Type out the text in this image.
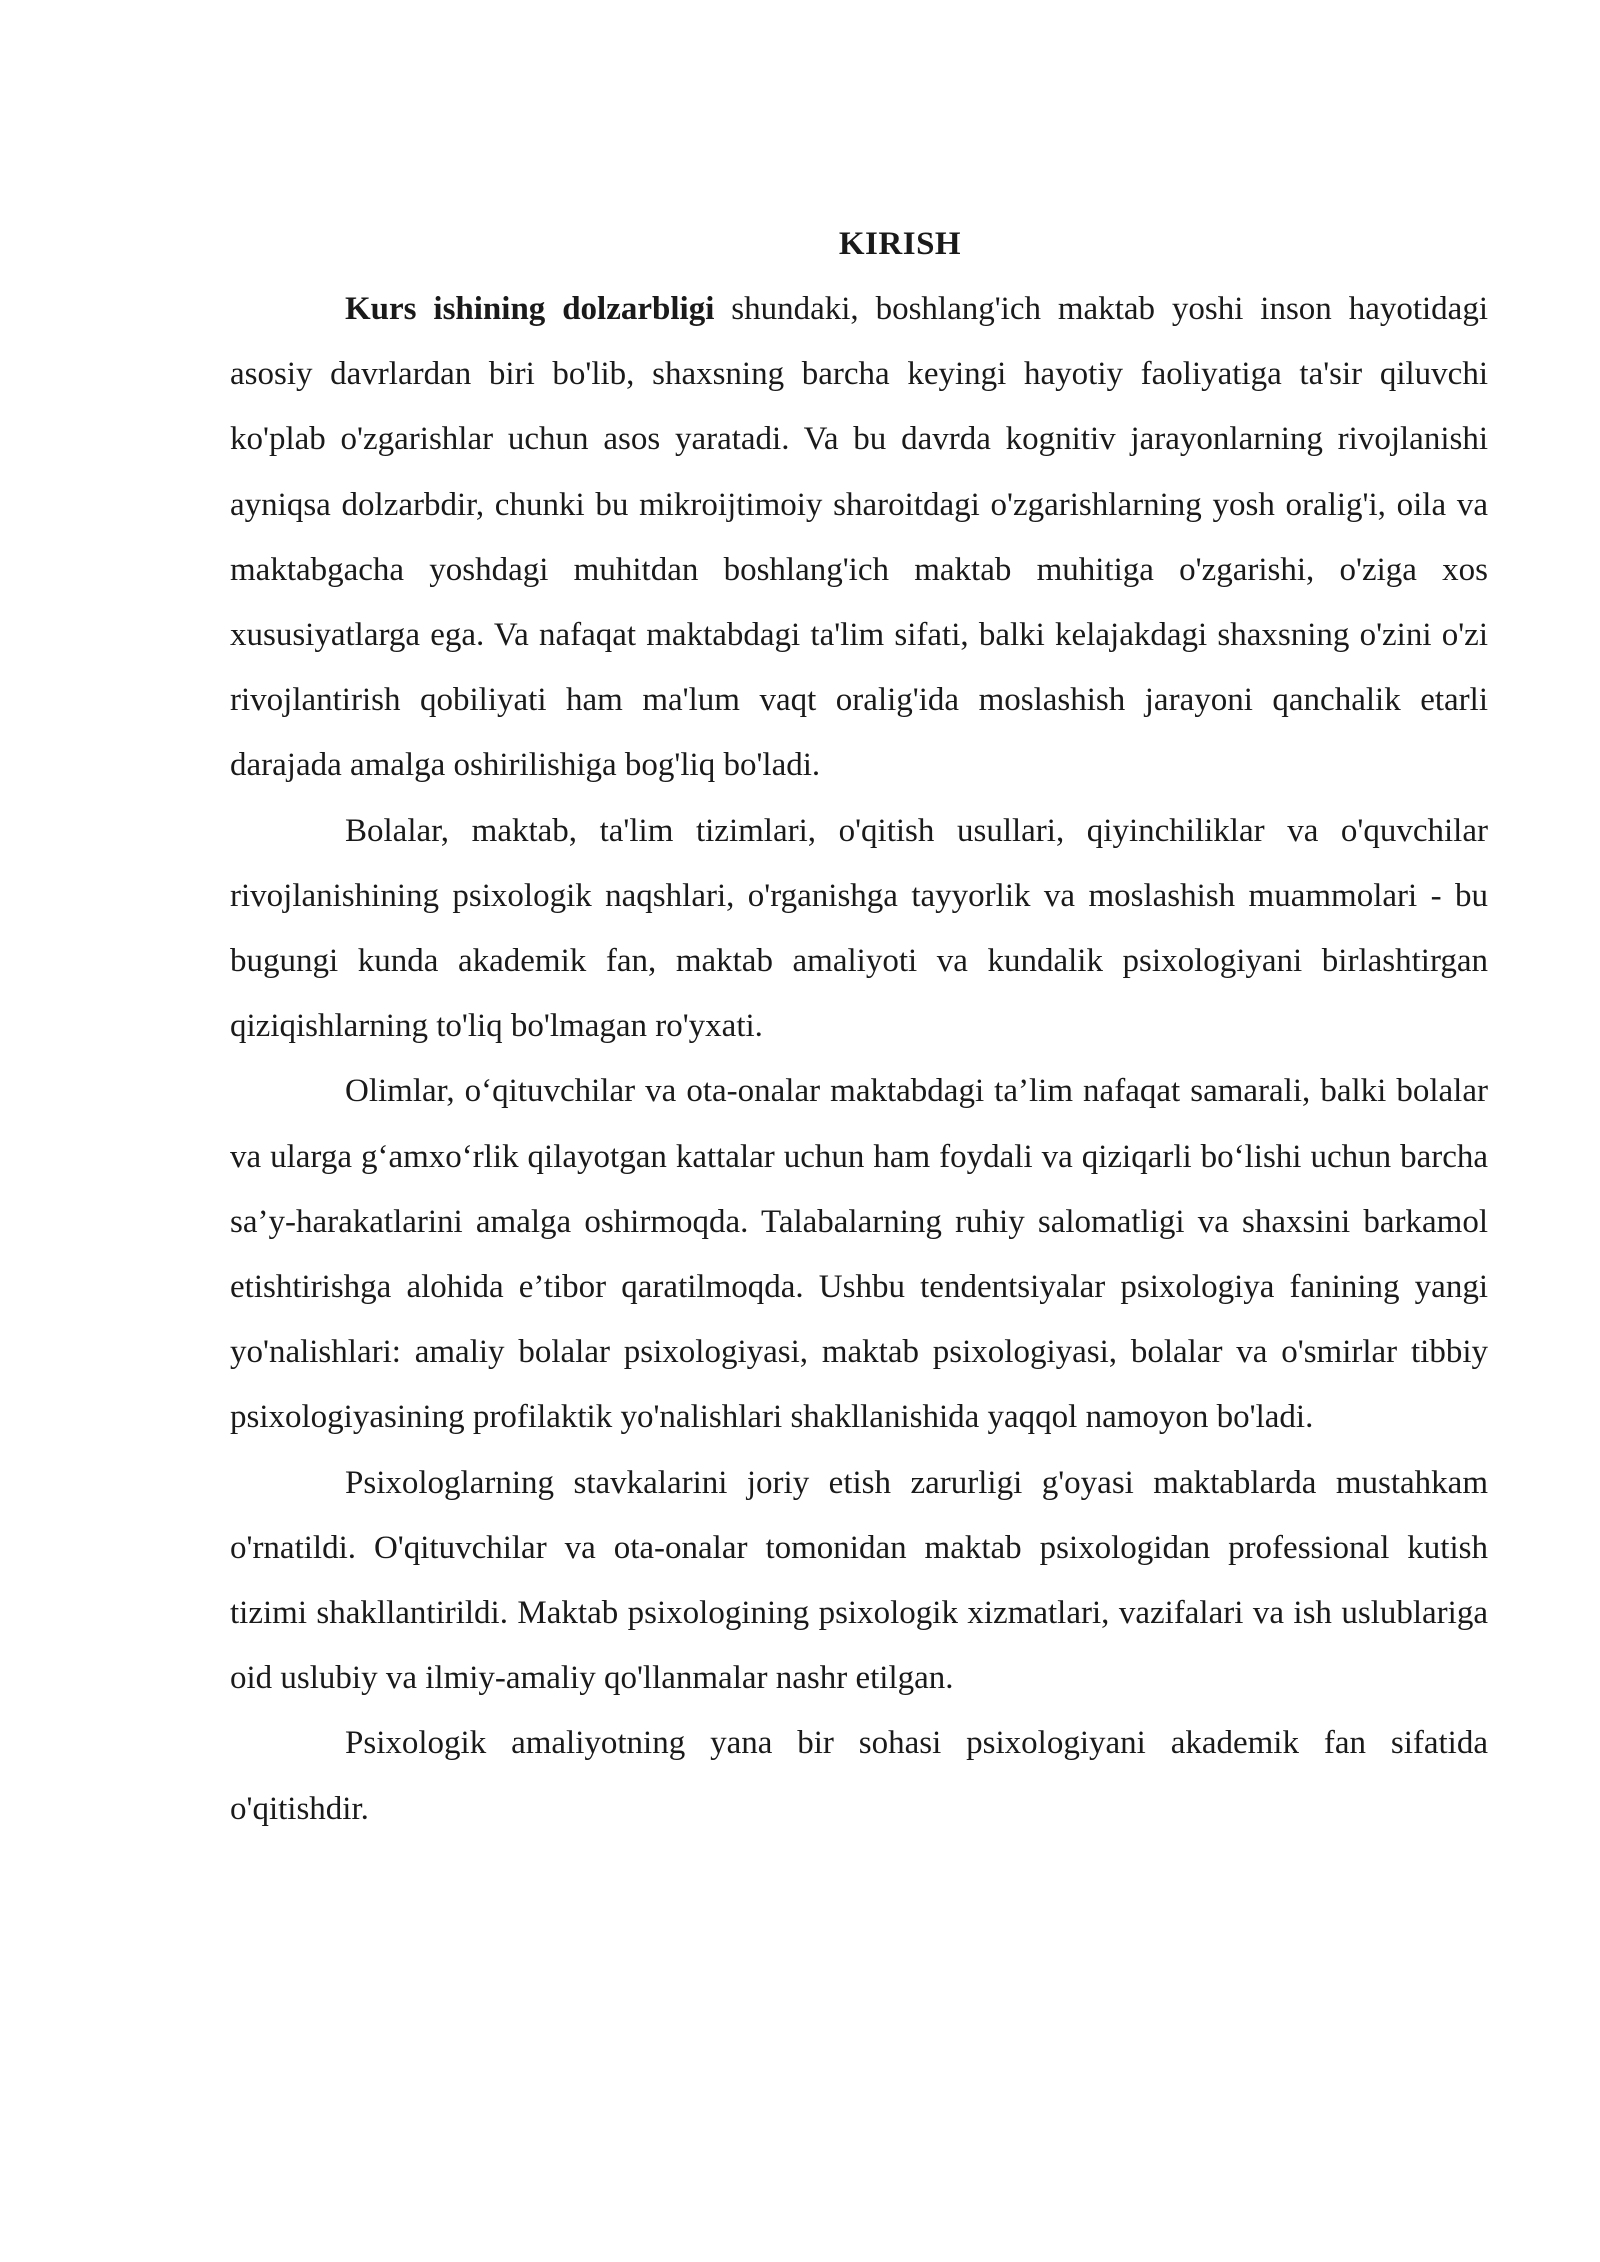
KIRISH

Kurs ishining dolzarbligi shundaki, boshlang'ich maktab yoshi inson hayotidagi asosiy davrlardan biri bo'lib, shaxsning barcha keyingi hayotiy faoliyatiga ta'sir qiluvchi ko'plab o'zgarishlar uchun asos yaratadi. Va bu davrda kognitiv jarayonlarning rivojlanishi ayniqsa dolzarbdir, chunki bu mikroijtimoiy sharoitdagi o'zgarishlarning yosh oralig'i, oila va maktabgacha yoshdagi muhitdan boshlang'ich maktab muhitiga o'zgarishi, o'ziga xos xususiyatlarga ega. Va nafaqat maktabdagi ta'lim sifati, balki kelajakdagi shaxsning o'zini o'zi rivojlantirish qobiliyati ham ma'lum vaqt oralig'ida moslashish jarayoni qanchalik etarli darajada amalga oshirilishiga bog'liq bo'ladi.

Bolalar, maktab, ta'lim tizimlari, o'qitish usullari, qiyinchiliklar va o'quvchilar rivojlanishining psixologik naqshlari, o'rganishga tayyorlik va moslashish muammolari - bu bugungi kunda akademik fan, maktab amaliyoti va kundalik psixologiyani birlashtirgan qiziqishlarning to'liq bo'lmagan ro'yxati.

Olimlar, o‘qituvchilar va ota-onalar maktabdagi ta’lim nafaqat samarali, balki bolalar va ularga g‘amxo‘rlik qilayotgan kattalar uchun ham foydali va qiziqarli bo‘lishi uchun barcha sa’y-harakatlarini amalga oshirmoqda. Talabalarning ruhiy salomatligi va shaxsini barkamol etishtirishga alohida e’tibor qaratilmoqda. Ushbu tendentsiyalar psixologiya fanining yangi yo'nalishlari: amaliy bolalar psixologiyasi, maktab psixologiyasi, bolalar va o'smirlar tibbiy psixologiyasining profilaktik yo'nalishlari shakllanishida yaqqol namoyon bo'ladi.

Psixologlarning stavkalarini joriy etish zarurligi g'oyasi maktablarda mustahkam o'rnatildi. O'qituvchilar va ota-onalar tomonidan maktab psixologidan professional kutish tizimi shakllantirildi. Maktab psixologining psixologik xizmatlari, vazifalari va ish uslublariga oid uslubiy va ilmiy-amaliy qo'llanmalar nashr etilgan.

Psixologik amaliyotning yana bir sohasi psixologiyani akademik fan sifatida o'qitishdir.
